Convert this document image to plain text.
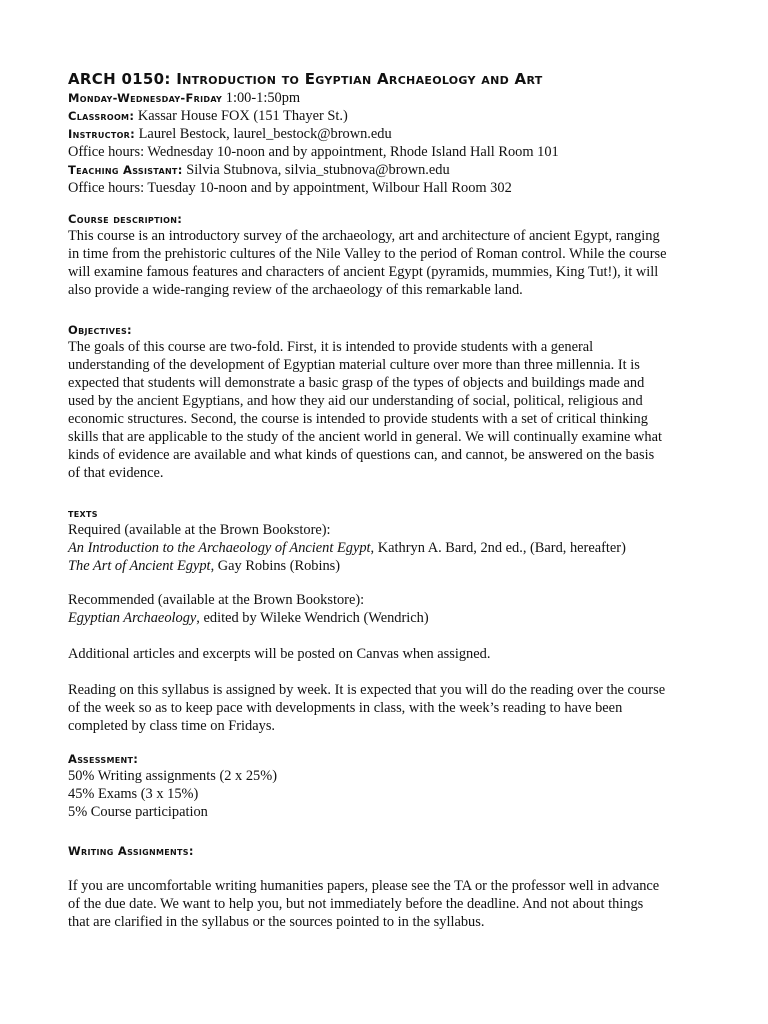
ARCH 0150: Introduction to Egyptian Archaeology and Art
Monday-Wednesday-Friday 1:00-1:50pm
Classroom: Kassar House FOX (151 Thayer St.)
Instructor: Laurel Bestock, laurel_bestock@brown.edu
Office hours: Wednesday 10-noon and by appointment, Rhode Island Hall Room 101
Teaching Assistant: Silvia Stubnova, silvia_stubnova@brown.edu
Office hours: Tuesday 10-noon and by appointment, Wilbour Hall Room 302
Course description:
This course is an introductory survey of the archaeology, art and architecture of ancient Egypt, ranging
in time from the prehistoric cultures of the Nile Valley to the period of Roman control. While the course
will examine famous features and characters of ancient Egypt (pyramids, mummies, King Tut!), it will
also provide a wide-ranging review of the archaeology of this remarkable land.
Objectives:
The goals of this course are two-fold. First, it is intended to provide students with a general
understanding of the development of Egyptian material culture over more than three millennia. It is
expected that students will demonstrate a basic grasp of the types of objects and buildings made and
used by the ancient Egyptians, and how they aid our understanding of social, political, religious and
economic structures. Second, the course is intended to provide students with a set of critical thinking
skills that are applicable to the study of the ancient world in general. We will continually examine what
kinds of evidence are available and what kinds of questions can, and cannot, be answered on the basis
of that evidence.
texts
Required (available at the Brown Bookstore):
An Introduction to the Archaeology of Ancient Egypt, Kathryn A. Bard, 2nd ed., (Bard, hereafter)
The Art of Ancient Egypt, Gay Robins (Robins)
Recommended (available at the Brown Bookstore):
Egyptian Archaeology, edited by Wileke Wendrich (Wendrich)
Additional articles and excerpts will be posted on Canvas when assigned.
Reading on this syllabus is assigned by week. It is expected that you will do the reading over the course
of the week so as to keep pace with developments in class, with the week’s reading to have been
completed by class time on Fridays.
Assessment:
50% Writing assignments (2 x 25%)
45% Exams (3 x 15%)
5% Course participation
Writing Assignments:
If you are uncomfortable writing humanities papers, please see the TA or the professor well in advance
of the due date. We want to help you, but not immediately before the deadline. And not about things
that are clarified in the syllabus or the sources pointed to in the syllabus.
